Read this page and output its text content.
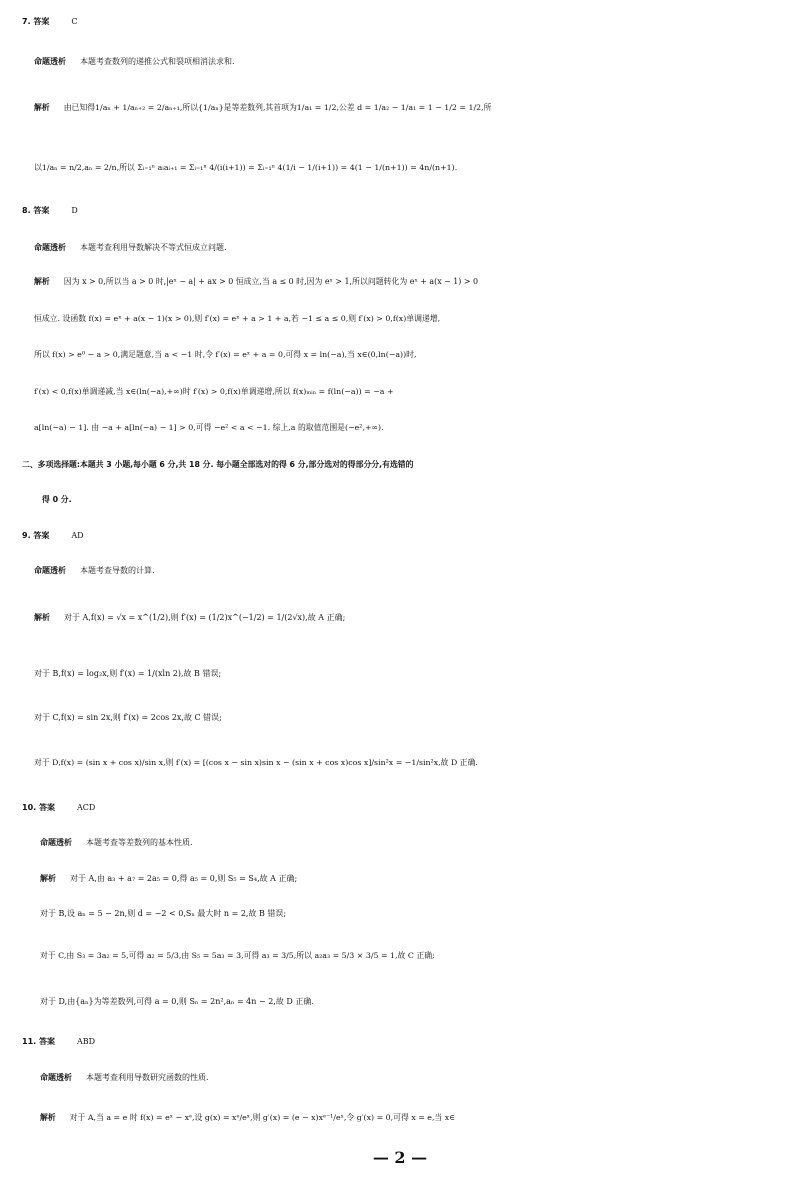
7. 答案	C
命题透析 本题考查数列的递推公式和裂项相消法求和.
解析 由已知得1/aₙ + 1/aₙ₊₂ = 2/aₙ₊₁,所以{1/aₙ}是等差数列,其首项为1/a₁ = 1/2,公差 d = 1/a₂ − 1/a₁ = 1 − 1/2 = 1/2,所
以1/aₙ = n/2,aₙ = 2/n,所以 Σᵢ₌₁ⁿ aᵢaᵢ₊₁ = Σᵢ₌₁ⁿ 4/(i(i+1)) = Σᵢ₌₁ⁿ 4(1/i − 1/(i+1)) = 4(1 − 1/(n+1)) = 4n/(n+1).
8. 答案	D
命题透析 本题考查利用导数解决不等式恒成立问题.
解析 因为 x > 0,所以当 a > 0 时,|eˣ − a| + ax > 0 恒成立,当 a ≤ 0 时,因为 eˣ > 1,所以问题转化为 eˣ + a(x − 1) > 0
恒成立. 设函数 f(x) = eˣ + a(x − 1)(x > 0),则 f′(x) = eˣ + a > 1 + a,若 −1 ≤ a ≤ 0,则 f′(x) > 0,f(x)单调递增,
所以 f(x) > e⁰ − a > 0,满足题意,当 a < −1 时,令 f′(x) = eˣ + a = 0,可得 x = ln(−a),当 x∈(0,ln(−a))时,
f′(x) < 0,f(x)单调递减,当 x∈(ln(−a),+∞)时 f′(x) > 0,f(x)单调递增,所以 f(x)ₘᵢₙ = f(ln(−a)) = −a +
a[ln(−a) − 1]. 由 −a + a[ln(−a) − 1] > 0,可得 −e² < a < −1. 综上,a 的取值范围是(−e²,+∞).
二、多项选择题:本题共 3 小题,每小题 6 分,共 18 分. 每小题全部选对的得 6 分,部分选对的得部分分,有选错的
得 0 分.
9. 答案	AD
命题透析 本题考查导数的计算.
解析 对于 A,f(x) = √x = x^(1/2),则 f′(x) = (1/2)x^(−1/2) = 1/(2√x),故 A 正确;
对于 B,f(x) = log₂x,则 f′(x) = 1/(xln 2),故 B 错误;
对于 C,f(x) = sin 2x,则 f′(x) = 2cos 2x,故 C 错误;
对于 D,f(x) = (sin x + cos x)/sin x,则 f′(x) = [(cos x − sin x)sin x − (sin x + cos x)cos x]/sin²x = −1/sin²x,故 D 正确.
10. 答案	ACD
命题透析 本题考查等差数列的基本性质.
解析 对于 A,由 a₃ + a₇ = 2a₅ = 0,得 a₅ = 0,则 S₅ = S₄,故 A 正确;
对于 B,设 aₙ = 5 − 2n,则 d = −2 < 0,Sₙ 最大时 n = 2,故 B 错误;
对于 C,由 S₃ = 3a₂ = 5,可得 a₂ = 5/3,由 S₅ = 5a₃ = 3,可得 a₃ = 3/5,所以 a₂a₃ = 5/3 × 3/5 = 1,故 C 正确;
对于 D,由{aₙ}为等差数列,可得 a = 0,则 Sₙ = 2n²,aₙ = 4n − 2,故 D 正确.
11. 答案	ABD
命题透析 本题考查利用导数研究函数的性质.
解析 对于 A,当 a = e 时 f(x) = eˣ − xᵉ,设 g(x) = xᵉ/eˣ,则 g′(x) = (e − x)xᵉ⁻¹/eˣ,令 g′(x) = 0,可得 x = e,当 x∈
— 2 —
